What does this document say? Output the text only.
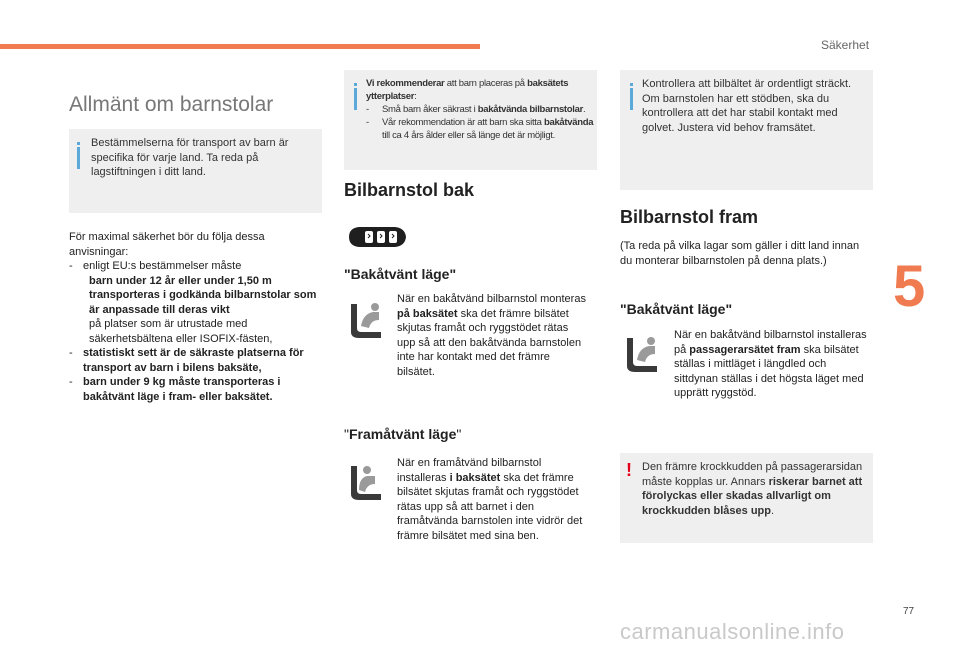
Säkerhet
5
77
carmanualsonline.info
Allmänt om barnstolar
Bestämmelserna för transport av barn är specifika för varje land. Ta reda på lagstiftningen i ditt land.
För maximal säkerhet bör du följa dessa anvisningar:
- enligt EU:s bestämmelser måste
barn under 12 år eller under 1,50 m transporteras i godkända bilbarnstolar som är anpassade till deras vikt
på platser som är utrustade med säkerhetsbältena eller ISOFIX-fästen,
- statistiskt sett är de säkraste platserna för transport av barn i bilens baksäte,
- barn under 9 kg måste transporteras i bakåtvänt läge i fram- eller baksätet.
Vi rekommenderar att barn placeras på baksätets ytterplatser:
-	Små barn åker säkrast i bakåtvända bilbarnstolar.
-	Vår rekommendation är att barn ska sitta bakåtvända till ca 4 års ålder eller så länge det är möjligt.
Bilbarnstol bak
"Bakåtvänt läge"
När en bakåtvänd bilbarnstol monteras på baksätet ska det främre bilsätet skjutas framåt och ryggstödet rätas upp så att den bakåtvända barnstolen inte har kontakt med det främre bilsätet.
"Framåtvänt läge"
När en framåtvänd bilbarnstol installeras i baksätet ska det främre bilsätet skjutas framåt och ryggstödet rätas upp så att barnet i den framåtvända barnstolen inte vidrör det främre bilsätet med sina ben.
Kontrollera att bilbältet är ordentligt sträckt.
Om barnstolen har ett stödben, ska du kontrollera att det har stabil kontakt med golvet. Justera vid behov framsätet.
Bilbarnstol fram
(Ta reda på vilka lagar som gäller i ditt land innan du monterar bilbarnstolen på denna plats.)
"Bakåtvänt läge"
När en bakåtvänd bilbarnstol installeras på passagerarsätet fram ska bilsätet ställas i mittläget i längdled och sittdynan ställas i det högsta läget med upprätt ryggstöd.
! Den främre krockkudden på passagerarsidan måste kopplas ur. Annars riskerar barnet att förolyckas eller skadas allvarligt om krockkudden blåses upp.
